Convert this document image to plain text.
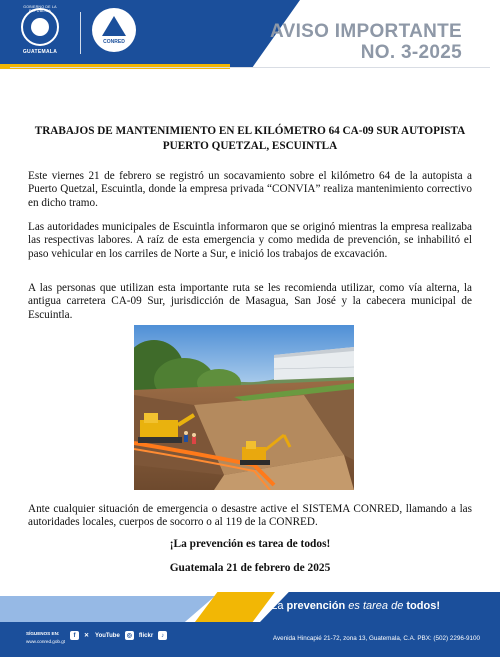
GOBIERNO DE LA REPÚBLICA
GUATEMALA
CONRED	AVISO IMPORTANTE
NO. 3-2025
TRABAJOS DE MANTENIMIENTO EN EL KILÓMETRO 64 CA-09 SUR AUTOPISTA
PUERTO QUETZAL, ESCUINTLA

Este viernes 21 de febrero se registró un socavamiento sobre el kilómetro 64 de la autopista a Puerto Quetzal, Escuintla, donde la empresa privada “CONVIA” realiza mantenimiento correctivo en dicho tramo.

Las autoridades municipales de Escuintla informaron que se originó mientras la empresa realizaba las respectivas labores. A raíz de esta emergencia y como medida de prevención, se inhabilitó el paso vehicular en los carriles de Norte a Sur, e inició los trabajos de excavación.

A las personas que utilizan esta importante ruta se les recomienda utilizar, como vía alterna, la antigua carretera CA-09 Sur, jurisdicción de Masagua, San José y la cabecera municipal de Escuintla.

Ante cualquier situación de emergencia o desastre active el SISTEMA CONRED, llamando a las autoridades locales, cuerpos de socorro o al 119 de la CONRED.

¡La prevención es tarea de todos!
Guatemala 21 de febrero de 2025
¡La prevención es tarea de todos!
SÍGUENOS EN:
www.conred.gob.gt
f	✕ YouTube	◎	flickr	♪	Avenida Hincapié 21-72, zona 13, Guatemala, C.A. PBX: (502) 2296-9100
